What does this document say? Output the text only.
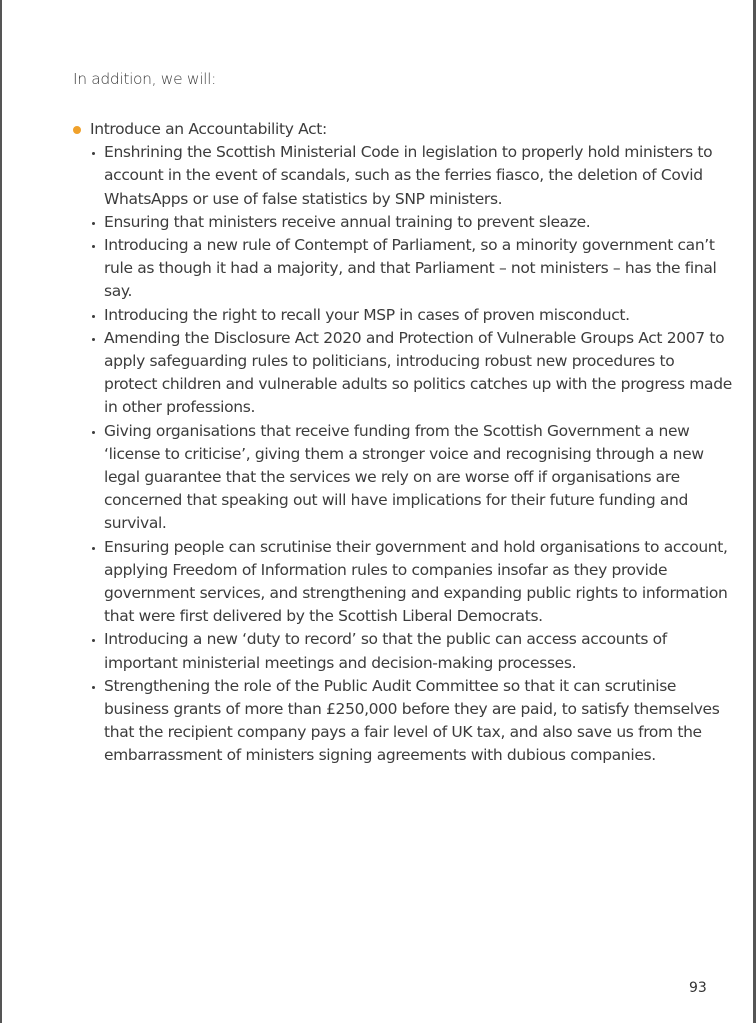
In addition, we will:
Introduce an Accountability Act:
Enshrining the Scottish Ministerial Code in legislation to properly hold ministers to account in the event of scandals, such as the ferries fiasco, the deletion of Covid WhatsApps or use of false statistics by SNP ministers.
Ensuring that ministers receive annual training to prevent sleaze.
Introducing a new rule of Contempt of Parliament, so a minority government can’t rule as though it had a majority, and that Parliament – not ministers – has the final say.
Introducing the right to recall your MSP in cases of proven misconduct.
Amending the Disclosure Act 2020 and Protection of Vulnerable Groups Act 2007 to apply safeguarding rules to politicians, introducing robust new procedures to protect children and vulnerable adults so politics catches up with the progress made in other professions.
Giving organisations that receive funding from the Scottish Government a new ‘license to criticise’, giving them a stronger voice and recognising through a new legal guarantee that the services we rely on are worse off if organisations are concerned that speaking out will have implications for their future funding and survival.
Ensuring people can scrutinise their government and hold organisations to account, applying Freedom of Information rules to companies insofar as they provide government services, and strengthening and expanding public rights to information that were first delivered by the Scottish Liberal Democrats.
Introducing a new ‘duty to record’ so that the public can access accounts of important ministerial meetings and decision-making processes.
Strengthening the role of the Public Audit Committee so that it can scrutinise business grants of more than £250,000 before they are paid, to satisfy themselves that the recipient company pays a fair level of UK tax, and also save us from the embarrassment of ministers signing agreements with dubious companies.
93
